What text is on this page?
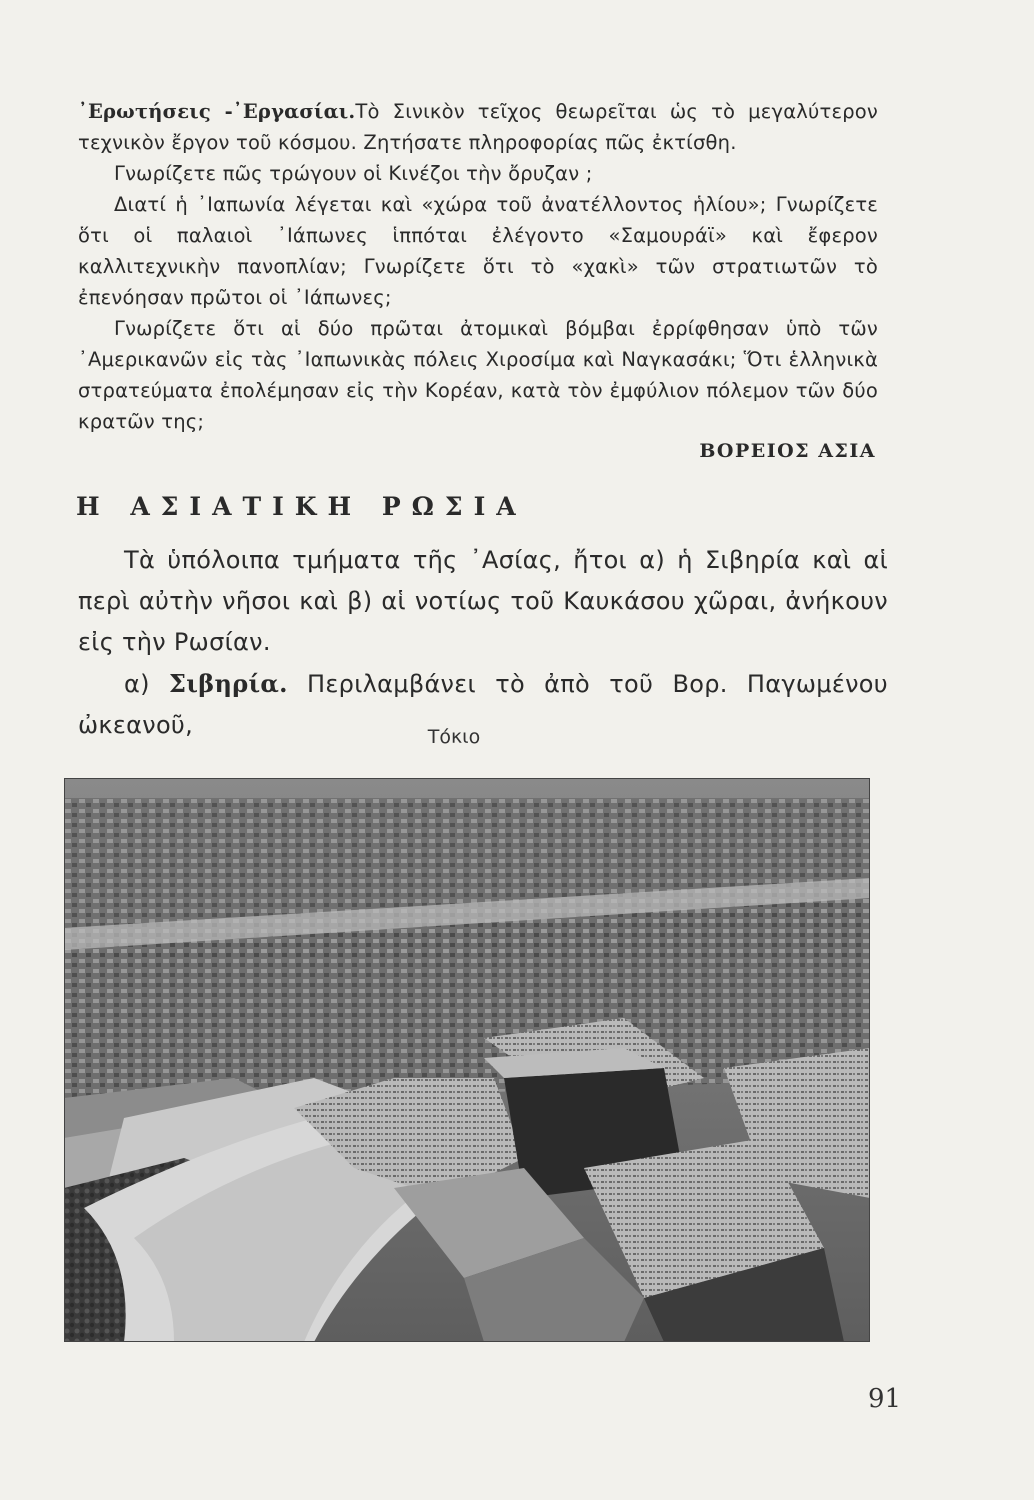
᾿Ερωτήσεις -᾿Εργασίαι.Τὸ Σινικὸν τεῖχος θεωρεῖται ὡς τὸ μεγαλύτερον τεχνικὸν ἔργον τοῦ κόσμου. Ζητήσατε πληροφορίας πῶς ἐκτίσθη.

Γνωρίζετε πῶς τρώγουν οἱ Κινέζοι τὴν ὄρυζαν ;

Διατί ἡ ᾿Ιαπωνία λέγεται καὶ «χώρα τοῦ ἀνατέλλοντος ἡλίου»; Γνωρίζετε ὅτι οἱ παλαιοὶ ᾿Ιάπωνες ἱππόται ἐλέγοντο «Σαμουράϊ» καὶ ἔφερον καλλιτεχνικὴν πανοπλίαν; Γνωρίζετε ὅτι τὸ «χακὶ» τῶν στρατιωτῶν τὸ ἐπενόησαν πρῶτοι οἱ ᾿Ιάπωνες;

Γνωρίζετε ὅτι αἱ δύο πρῶται ἀτομικαὶ βόμβαι ἐρρίφθησαν ὑπὸ τῶν ᾿Αμερικανῶν εἰς τὰς ᾿Ιαπωνικὰς πόλεις Χιροσίμα καὶ Ναγκασάκι; Ὅτι ἑλληνικὰ στρατεύματα ἐπολέμησαν εἰς τὴν Κορέαν, κατὰ τὸν ἐμφύλιον πόλεμον τῶν δύο κρατῶν της;

ΒΟΡΕΙΟΣ ΑΣΙΑ
Η ΑΣΙΑΤΙΚΗ ΡΩΣΙΑ

Τὰ ὑπόλοιπα τμήματα τῆς ᾿Ασίας, ἤτοι α) ἡ Σιβηρία καὶ αἱ περὶ αὐτὴν νῆσοι καὶ β) αἱ νοτίως τοῦ Καυκάσου χῶραι, ἀνήκουν εἰς τὴν Ρωσίαν.

α) Σιβηρία. Περιλαμβάνει τὸ ἀπὸ τοῦ Βορ. Παγωμένου ὠκεανοῦ,	Τόκιο
91
